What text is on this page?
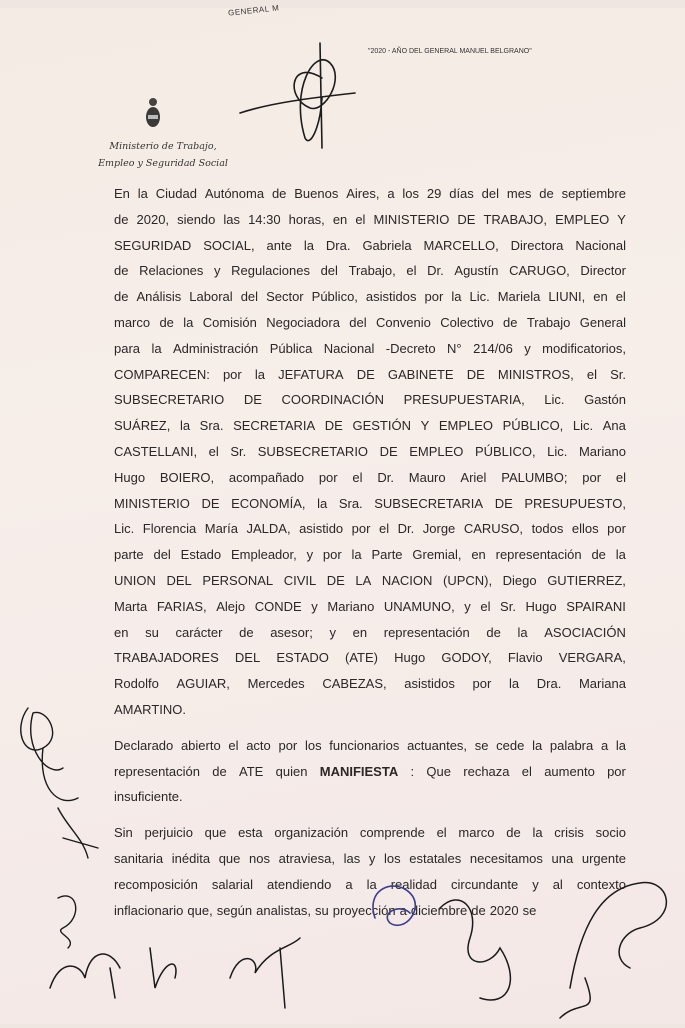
GENERAL M
"2020 - AÑO DEL GENERAL MANUEL BELGRANO"
Ministerio de Trabajo,
Empleo y Seguridad Social
En la Ciudad Autónoma de Buenos Aires, a los 29 días del mes de septiembre
de 2020, siendo las 14:30 horas, en el MINISTERIO DE TRABAJO, EMPLEO Y
SEGURIDAD SOCIAL, ante la Dra. Gabriela MARCELLO, Directora Nacional
de Relaciones y Regulaciones del Trabajo, el Dr. Agustín CARUGO, Director
de Análisis Laboral del Sector Público, asistidos por la Lic. Mariela LIUNI, en el
marco de la Comisión Negociadora del Convenio Colectivo de Trabajo General
para la Administración Pública Nacional -Decreto N° 214/06 y modificatorios,
COMPARECEN: por la JEFATURA DE GABINETE DE MINISTROS, el Sr.
SUBSECRETARIO DE COORDINACIÓN PRESUPUESTARIA, Lic. Gastón
SUÁREZ, la Sra. SECRETARIA DE GESTIÓN Y EMPLEO PÚBLICO, Lic. Ana
CASTELLANI, el Sr. SUBSECRETARIO DE EMPLEO PÚBLICO, Lic. Mariano
Hugo BOIERO, acompañado por el Dr. Mauro Ariel PALUMBO; por el
MINISTERIO DE ECONOMÍA, la Sra. SUBSECRETARIA DE PRESUPUESTO,
Lic. Florencia María JALDA, asistido por el Dr. Jorge CARUSO, todos ellos por
parte del Estado Empleador, y por la Parte Gremial, en representación de la
UNION DEL PERSONAL CIVIL DE LA NACION (UPCN), Diego GUTIERREZ,
Marta FARIAS, Alejo CONDE y Mariano UNAMUNO, y el Sr. Hugo SPAIRANI
en su carácter de asesor; y en representación de la ASOCIACIÓN
TRABAJADORES DEL ESTADO (ATE) Hugo GODOY, Flavio VERGARA,
Rodolfo AGUIAR, Mercedes CABEZAS, asistidos por la Dra. Mariana
AMARTINO.
Declarado abierto el acto por los funcionarios actuantes, se cede la palabra a la
representación de ATE quien MANIFIESTA : Que rechaza el aumento por
insuficiente.
Sin perjuicio que esta organización comprende el marco de la crisis socio
sanitaria inédita que nos atraviesa, las y los estatales necesitamos una urgente
recomposición salarial atendiendo a la realidad circundante y al contexto
inflacionario que, según analistas, su proyección a diciembre de 2020 se
